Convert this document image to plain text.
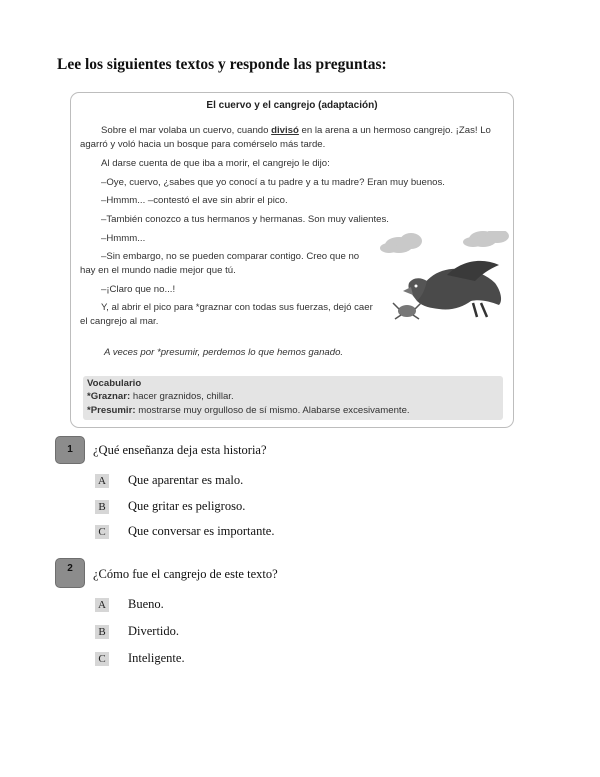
Lee los siguientes textos y responde las preguntas:
El cuervo y el cangrejo (adaptación)
Sobre el mar volaba un cuervo, cuando divisó en la arena a un hermoso cangrejo. ¡Zas! Lo
agarró y voló hacia un bosque para comérselo más tarde.
Al darse cuenta de que iba a morir, el cangrejo le dijo:
–Oye, cuervo, ¿sabes que yo conocí a tu padre y a tu madre? Eran muy buenos.
–Hmmm... –contestó el ave sin abrir el pico.
–También conozco a tus hermanos y hermanas. Son muy valientes.
–Hmmm...
–Sin embargo, no se pueden comparar contigo. Creo que no
hay en el mundo nadie mejor que tú.
–¡Claro que no...!
Y, al abrir el pico para *graznar con todas sus fuerzas, dejó caer
el cangrejo al mar.
A veces por *presumir, perdemos lo que hemos ganado.
Vocabulario
*Graznar: hacer graznidos, chillar.
*Presumir: mostrarse muy orgulloso de sí mismo. Alabarse excesivamente.
1	¿Qué enseñanza deja esta historia?
A Que aparentar es malo.
B Que gritar es peligroso.
C Que conversar es importante.
2	¿Cómo fue el cangrejo de este texto?
A Bueno.
B Divertido.
C Inteligente.
